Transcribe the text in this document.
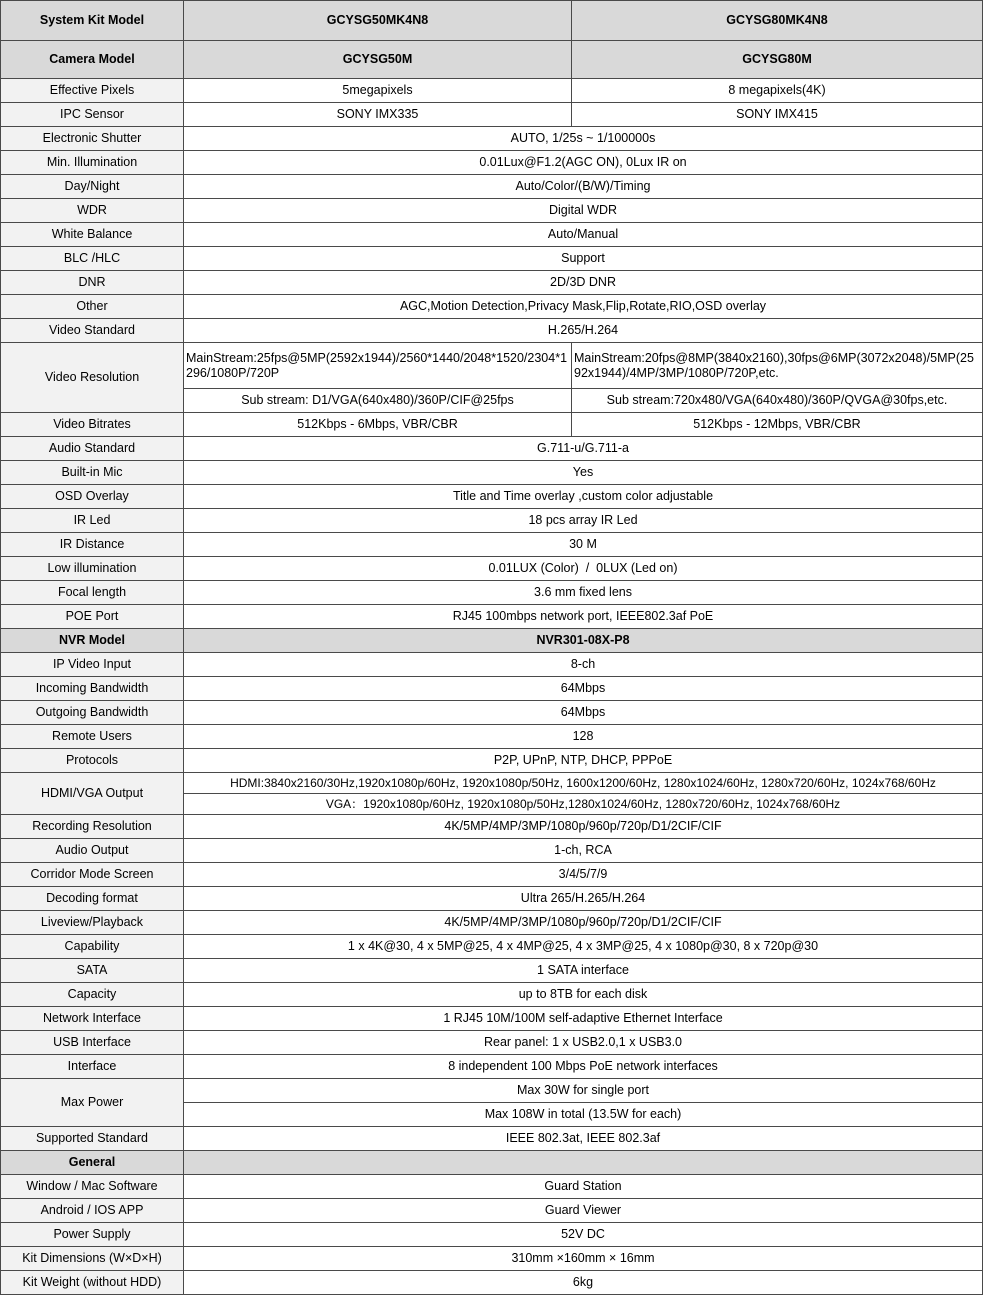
System Kit Model	GCYSG50MK4N8	GCYSG80MK4N8
Camera Model	GCYSG50M	GCYSG80M
Effective Pixels	5megapixels	8 megapixels(4K)
IPC Sensor	SONY IMX335	SONY IMX415
Electronic Shutter	AUTO, 1/25s ~ 1/100000s	
Min. Illumination	0.01Lux@F1.2(AGC ON), 0Lux IR on	
Day/Night	Auto/Color/(B/W)/Timing	
WDR	Digital WDR	
White Balance	Auto/Manual	
BLC /HLC	Support	
DNR	2D/3D DNR	
Other	AGC,Motion Detection,Privacy Mask,Flip,Rotate,RIO,OSD overlay	
Video Standard	H.265/H.264	
Video Resolution	MainStream:25fps@5MP(2592x1944)/2560*1440/2048*1520/2304*1296/1080P/720P	MainStream:20fps@8MP(3840x2160),30fps@6MP(3072x2048)/5MP(2592x1944)/4MP/3MP/1080P/720P,etc.
	Sub stream: D1/VGA(640x480)/360P/CIF@25fps	Sub stream:720x480/VGA(640x480)/360P/QVGA@30fps,etc.
Video Bitrates	512Kbps - 6Mbps, VBR/CBR	512Kbps - 12Mbps, VBR/CBR
Audio Standard	G.711-u/G.711-a	
Built-in Mic	Yes	
OSD Overlay	Title and Time overlay ,custom color adjustable	
IR Led	18 pcs array IR Led	
IR Distance	30 M	
Low illumination	0.01LUX (Color)  /  0LUX (Led on)	
Focal length	3.6 mm fixed lens	
POE Port	RJ45 100mbps network port, IEEE802.3af PoE	
NVR Model	NVR301-08X-P8	
IP Video Input	8-ch	
Incoming Bandwidth	64Mbps	
Outgoing Bandwidth	64Mbps	
Remote Users	128	
Protocols	P2P, UPnP, NTP, DHCP, PPPoE	
HDMI/VGA Output	HDMI:3840x2160/30Hz,1920x1080p/60Hz, 1920x1080p/50Hz, 1600x1200/60Hz, 1280x1024/60Hz, 1280x720/60Hz, 1024x768/60Hz	
	VGA：1920x1080p/60Hz, 1920x1080p/50Hz,1280x1024/60Hz, 1280x720/60Hz, 1024x768/60Hz	
Recording Resolution	4K/5MP/4MP/3MP/1080p/960p/720p/D1/2CIF/CIF	
Audio Output	1-ch, RCA	
Corridor Mode Screen	3/4/5/7/9	
Decoding format	Ultra 265/H.265/H.264	
Liveview/Playback	4K/5MP/4MP/3MP/1080p/960p/720p/D1/2CIF/CIF	
Capability	1 x 4K@30, 4 x 5MP@25, 4 x 4MP@25, 4 x 3MP@25, 4 x 1080p@30, 8 x 720p@30	
SATA	1 SATA interface	
Capacity	up to 8TB for each disk	
Network Interface	1 RJ45 10M/100M self-adaptive Ethernet Interface	
USB Interface	Rear panel: 1 x USB2.0,1 x USB3.0	
Interface	8 independent 100 Mbps PoE network interfaces	
Max Power	Max 30W for single port	
	Max 108W in total (13.5W for each)	
Supported Standard	IEEE 802.3at, IEEE 802.3af	
General		
Window / Mac Software	Guard Station	
Android / IOS APP	Guard Viewer	
Power Supply	52V DC	
Kit Dimensions (W×D×H)	310mm ×160mm × 16mm	
Kit Weight (without HDD)	6kg	
